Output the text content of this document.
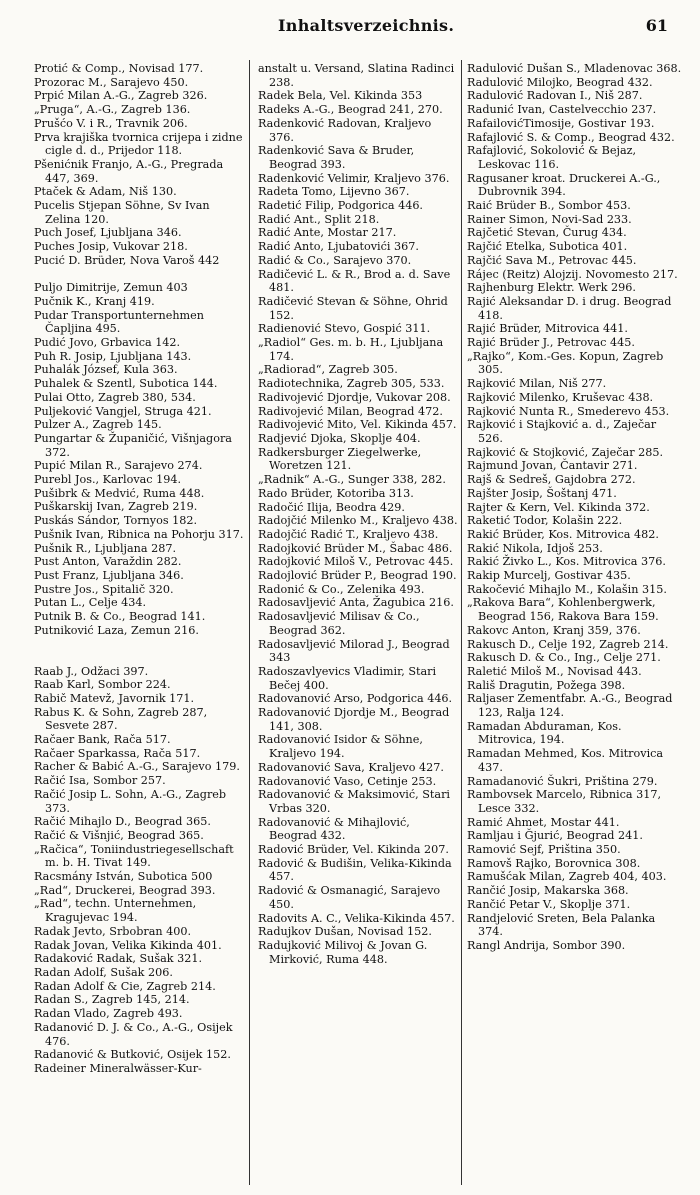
Inhaltsverzeichnis.	61
Protić & Comp., Novisad 177.
Prozorac M., Sarajevo 450.
Prpić Milan A.-G., Zagreb 326.
„Pruga“, A.-G., Zagreb 136.
Prušćo V. i R., Travnik 206.
Prva krajiška tvornica crijepa i zidne cigle d. d., Prijedor 118.
Pšenićnik Franjo, A.-G., Pregrada 447, 369.
Ptaček & Adam, Niš 130.
Pucelis Stjepan Söhne, Sv Ivan Zelina 120.
Puch Josef, Ljubljana 346.
Puches Josip, Vukovar 218.
Pucić D. Brüder, Nova Varoš 442
Puljo Dimitrije, Zemun 403
Pučnik K., Kranj 419.
Pudar Transportunternehmen Čapljina 495.
Pudić Jovo, Grbavica 142.
Puh R. Josip, Ljubljana 143.
Puhalák József, Kula 363.
Puhalek & Szentl, Subotica 144.
Pulai Otto, Zagreb 380, 534.
Puljeković Vangjel, Struga 421.
Pulzer A., Zagreb 145.
Pungartar & Županičić, Višnjagora 372.
Pupić Milan R., Sarajevo 274.
Purebl Jos., Karlovac 194.
Pušibrk & Medvić, Ruma 448.
Puškarskij Ivan, Zagreb 219.
Puskás Sándor, Tornyos 182.
Pušnik Ivan, Ribnica na Pohorju 317.
Pušnik R., Ljubljana 287.
Pust Anton, Varaždin 282.
Pust Franz, Ljubljana 346.
Pustre Jos., Spitalič 320.
Putan L., Celje 434.
Putnik B. & Co., Beograd 141.
Putniković Laza, Zemun 216.
Raab J., Odžaci 397.
Raab Karl, Sombor 224.
Rabič Matevž, Javornik 171.
Rabus K. & Sohn, Zagreb 287, Sesvete 287.
Račaer Bank, Rača 517.
Račaer Sparkassa, Rača 517.
Racher & Babić A.-G., Sarajevo 179.
Račić Isa, Sombor 257.
Račić Josip L. Sohn, A.-G., Zagreb 373.
Račić Mihajlo D., Beograd 365.
Račić & Višnjić, Beograd 365.
„Račica“, Toniindustriegesellschaft m. b. H. Tivat 149.
Racsmány István, Subotica 500
„Rad“, Druckerei, Beograd 393.
„Rad“, techn. Unternehmen, Kragujevac 194.
Radak Jevto, Srbobran 400.
Radak Jovan, Velika Kikinda 401.
Radaković Radak, Sušak 321.
Radan Adolf, Sušak 206.
Radan Adolf & Cie, Zagreb 214.
Radan S., Zagreb 145, 214.
Radan Vlado, Zagreb 493.
Radanović D. J. & Co., A.-G., Osijek 476.
Radanović & Butković, Osijek 152.
Radeiner Mineralwässer-Kur-
anstalt u. Versand, Slatina Radinci 238.
Radek Bela, Vel. Kikinda 353
Radeks A.-G., Beograd 241, 270.
Radenković Radovan, Kraljevo 376.
Radenković Sava & Bruder, Beograd 393.
Radenković Velimir, Kraljevo 376.
Radeta Tomo, Lijevno 367.
Radetić Filip, Podgorica 446.
Radić Ant., Split 218.
Radić Ante, Mostar 217.
Radić Anto, Ljubatovići 367.
Radić & Co., Sarajevo 370.
Radičević L. & R., Brod a. d. Save 481.
Radičević Stevan & Söhne, Ohrid 152.
Radienović Stevo, Gospić 311.
„Radiol“ Ges. m. b. H., Ljubljana 174.
„Radiorad“, Zagreb 305.
Radiotechnika, Zagreb 305, 533.
Radivojević Djordje, Vukovar 208.
Radivojević Milan, Beograd 472.
Radivojević Mito, Vel. Kikinda 457.
Radjević Djoka, Skoplje 404.
Radkersburger Ziegelwerke, Woretzen 121.
„Radnik“ A.-G., Sunger 338, 282.
Rado Brüder, Kotoriba 313.
Radočić Ilija, Beodra 429.
Radojčić Milenko M., Kraljevo 438.
Radojčić Radić T., Kraljevo 438.
Radojković Brüder M., Šabac 486.
Radojković Miloš V., Petrovac 445.
Radojlović Brüder P., Beograd 190.
Radonić & Co., Zelenika 493.
Radosavljević Anta, Žagubica 216.
Radosavljević Milisav & Co., Beograd 362.
Radosavljević Milorad J., Beograd 343
Radoszavlyevics Vladimir, Stari Bečej 400.
Radovanović Arso, Podgorica 446.
Radovanović Djordje M., Beograd 141, 308.
Radovanović Isidor & Söhne, Kraljevo 194.
Radovanović Sava, Kraljevo 427.
Radovanović Vaso, Cetinje 253.
Radovanović & Maksimović, Stari Vrbas 320.
Radovanović & Mihajlović, Beograd 432.
Radović Brüder, Vel. Kikinda 207.
Radović & Budišin, Velika-Kikinda 457.
Radović & Osmanagić, Sarajevo 450.
Radovits A. C., Velika-Kikinda 457.
Radujkov Dušan, Novisad 152.
Radujković Milivoj & Jovan G. Mirković, Ruma 448.
Radulović Dušan S., Mladenovac 368.
Radulović Milojko, Beograd 432.
Radulović Radovan I., Niš 287.
Radunić Ivan, Castelvecchio 237.
RafailovićTimosije, Gostivar 193.
Rafajlović S. & Comp., Beograd 432.
Rafajlović, Sokolović & Bejaz, Leskovac 116.
Ragusaner kroat. Druckerei A.-G., Dubrovnik 394.
Raić Brüder B., Sombor 453.
Rainer Simon, Novi-Sad 233.
Rajčetić Stevan, Čurug 434.
Rajčić Etelka, Subotica 401.
Rajčić Sava M., Petrovac 445.
Rájec (Reitz) Alojzij. Novomesto 217.
Rajhenburg Elektr. Werk 296.
Rajić Aleksandar D. i drug. Beograd 418.
Rajić Brüder, Mitrovica 441.
Rajić Brüder J., Petrovac 445.
„Rajko“, Kom.-Ges. Kopun, Zagreb 305.
Rajković Milan, Niš 277.
Rajković Milenko, Kruševac 438.
Rajković Nunta R., Smederevo 453.
Rajković i Stajković a. d., Zaječar 526.
Rajković & Stojković, Zaječar 285.
Rajmund Jovan, Čantavir 271.
Rajš & Sedreš, Gajdobra 272.
Rajšter Josip, Šoštanj 471.
Rajter & Kern, Vel. Kikinda 372.
Raketić Todor, Kolašin 222.
Rakić Brüder, Kos. Mitrovica 482.
Rakić Nikola, Idjoš 253.
Rakić Živko L., Kos. Mitrovica 376.
Rakip Murcelj, Gostivar 435.
Rakočević Mihajlo M., Kolašin 315.
„Rakova Bara“, Kohlenbergwerk, Beograd 156, Rakova Bara 159.
Rakovc Anton, Kranj 359, 376.
Rakusch D., Celje 192, Zagreb 214.
Rakusch D. & Co., Ing., Celje 271.
Raletić Miloš M., Novisad 443.
Rališ Dragutin, Požega 398.
Raljaser Zementfabr. A.-G., Beograd 123, Ralja 124.
Ramadan Abduraman, Kos. Mitrovica, 194.
Ramadan Mehmed, Kos. Mitrovica 437.
Ramadanović Šukri, Priština 279.
Rambovsek Marcelo, Ribnica 317, Lesce 332.
Ramić Ahmet, Mostar 441.
Ramljau i Ğjurić, Beograd 241.
Ramović Sejf, Priština 350.
Ramovš Rajko, Borovnica 308.
Ramušćak Milan, Zagreb 404, 403.
Rančić Josip, Makarska 368.
Rančić Petar V., Skoplje 371.
Randjelović Sreten, Bela Palanka 374.
Rangl Andrija, Sombor 390.
